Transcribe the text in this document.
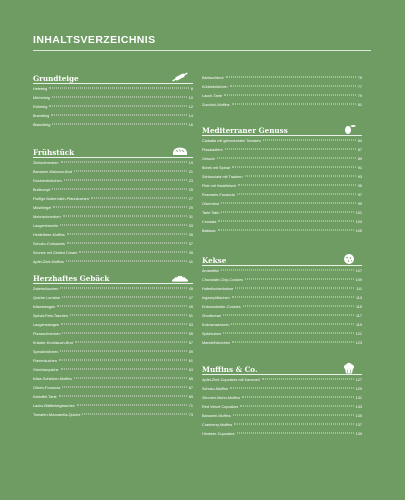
INHALTSVERZEICHNIS
Grundteige
Hefeteig	8
Mürbeteig	10
Rührteig	12
Brandteig	14
Biskuitteig	16
Frühstück
Zimtschnecken	19
Bananen-Walnuss-Brot	21
Rosinenbrötchen	23
Butterzopf	25
Fluffige Buttermilch-Pfannkuchen	27
Müsliriegel	29
Mohnschnecken	31
Laugenbrezeln	33
Heidelbeer-Muffins	35
Schoko-Croissants	37
Scones mit Clotted Cream	39
Apfel-Zimt-Muffins	41
Herzhaftes Gebäck
Zwiebelkuchen	45
Quiche Lorraine	47
Käsestangen	49
Spinat-Feta-Taschen	51
Laugenstangen	53
Pizzaschnecken	55
Kräuter-Knoblauch-Brot	57
Speckbrötchen	59
Flammkuchen	61
Gemüsequiche	63
Käse-Schinken-Muffins	65
Oliven-Focaccia	67
Kartoffel-Tarte	69
Lachs-Blätterteigtaschen	71
Tomaten-Mozzarella-Quiche	73
Bärlauchbrot	75
Kürbisbrötchen	77
Lauch-Tarte	79
Zucchini-Muffins	81
Mediterraner Genuss
Ciabatta mit getrockneten Tomaten	84
Pissaladière	87
Grissini	89
Börek mit Spinat	91
Schiacciata mit Trauben	93
Pide mit Hackfleisch	95
Rosmarin-Focaccia	97
Olivenbrot	99
Tarte Tatin	101
Crostata	103
Baklava	105
Kekse
Amarettini	107
Chocolate-Chip-Cookies	109
Haferflockenkekse	111
Ingwerplätzchen	113
Erdnussbutter-Cookies	115
Shortbread	117
Kokosmakronen	119
Spitzbuben	121
Mandelhörnchen	123
Muffins & Co.
Apfel-Zimt-Cupcakes mit Karamell	127
Schoko-Muffins	129
Zitronen-Mohn-Muffins	131
Red Velvet Cupcakes	133
Bananen-Muffins	135
Cranberry-Muffins	137
Himbeer-Cupcakes	139
